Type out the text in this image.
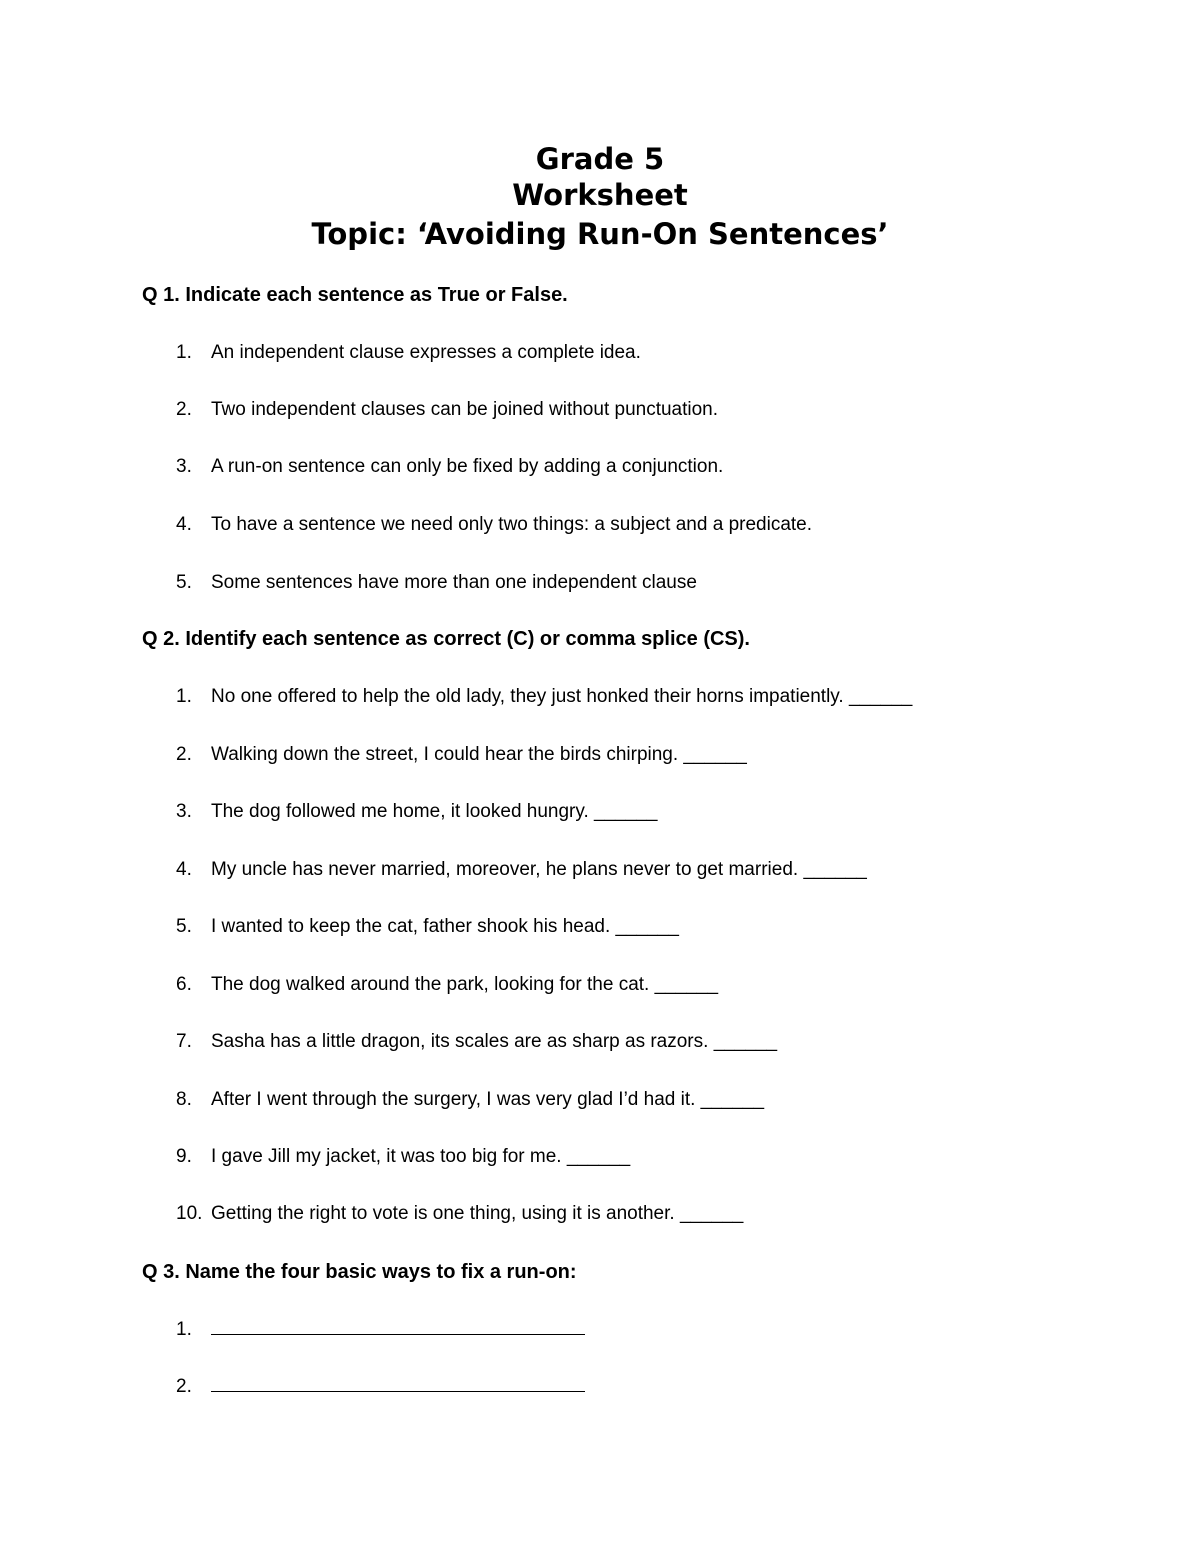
Grade 5
Worksheet
Topic: ‘Avoiding Run-On Sentences’
Q 1. Indicate each sentence as True or False.
1. An independent clause expresses a complete idea.
2. Two independent clauses can be joined without punctuation.
3. A run-on sentence can only be fixed by adding a conjunction.
4. To have a sentence we need only two things: a subject and a predicate.
5. Some sentences have more than one independent clause
Q 2. Identify each sentence as correct (C) or comma splice (CS).
1. No one offered to help the old lady, they just honked their horns impatiently. ______
2. Walking down the street, I could hear the birds chirping. ______
3. The dog followed me home, it looked hungry. ______
4. My uncle has never married, moreover, he plans never to get married. ______
5. I wanted to keep the cat, father shook his head. ______
6. The dog walked around the park, looking for the cat. ______
7. Sasha has a little dragon, its scales are as sharp as razors. ______
8. After I went through the surgery, I was very glad I’d had it. ______
9. I gave Jill my jacket, it was too big for me. ______
10. Getting the right to vote is one thing, using it is another. ______
Q 3. Name the four basic ways to fix a run-on:
1.
2.
